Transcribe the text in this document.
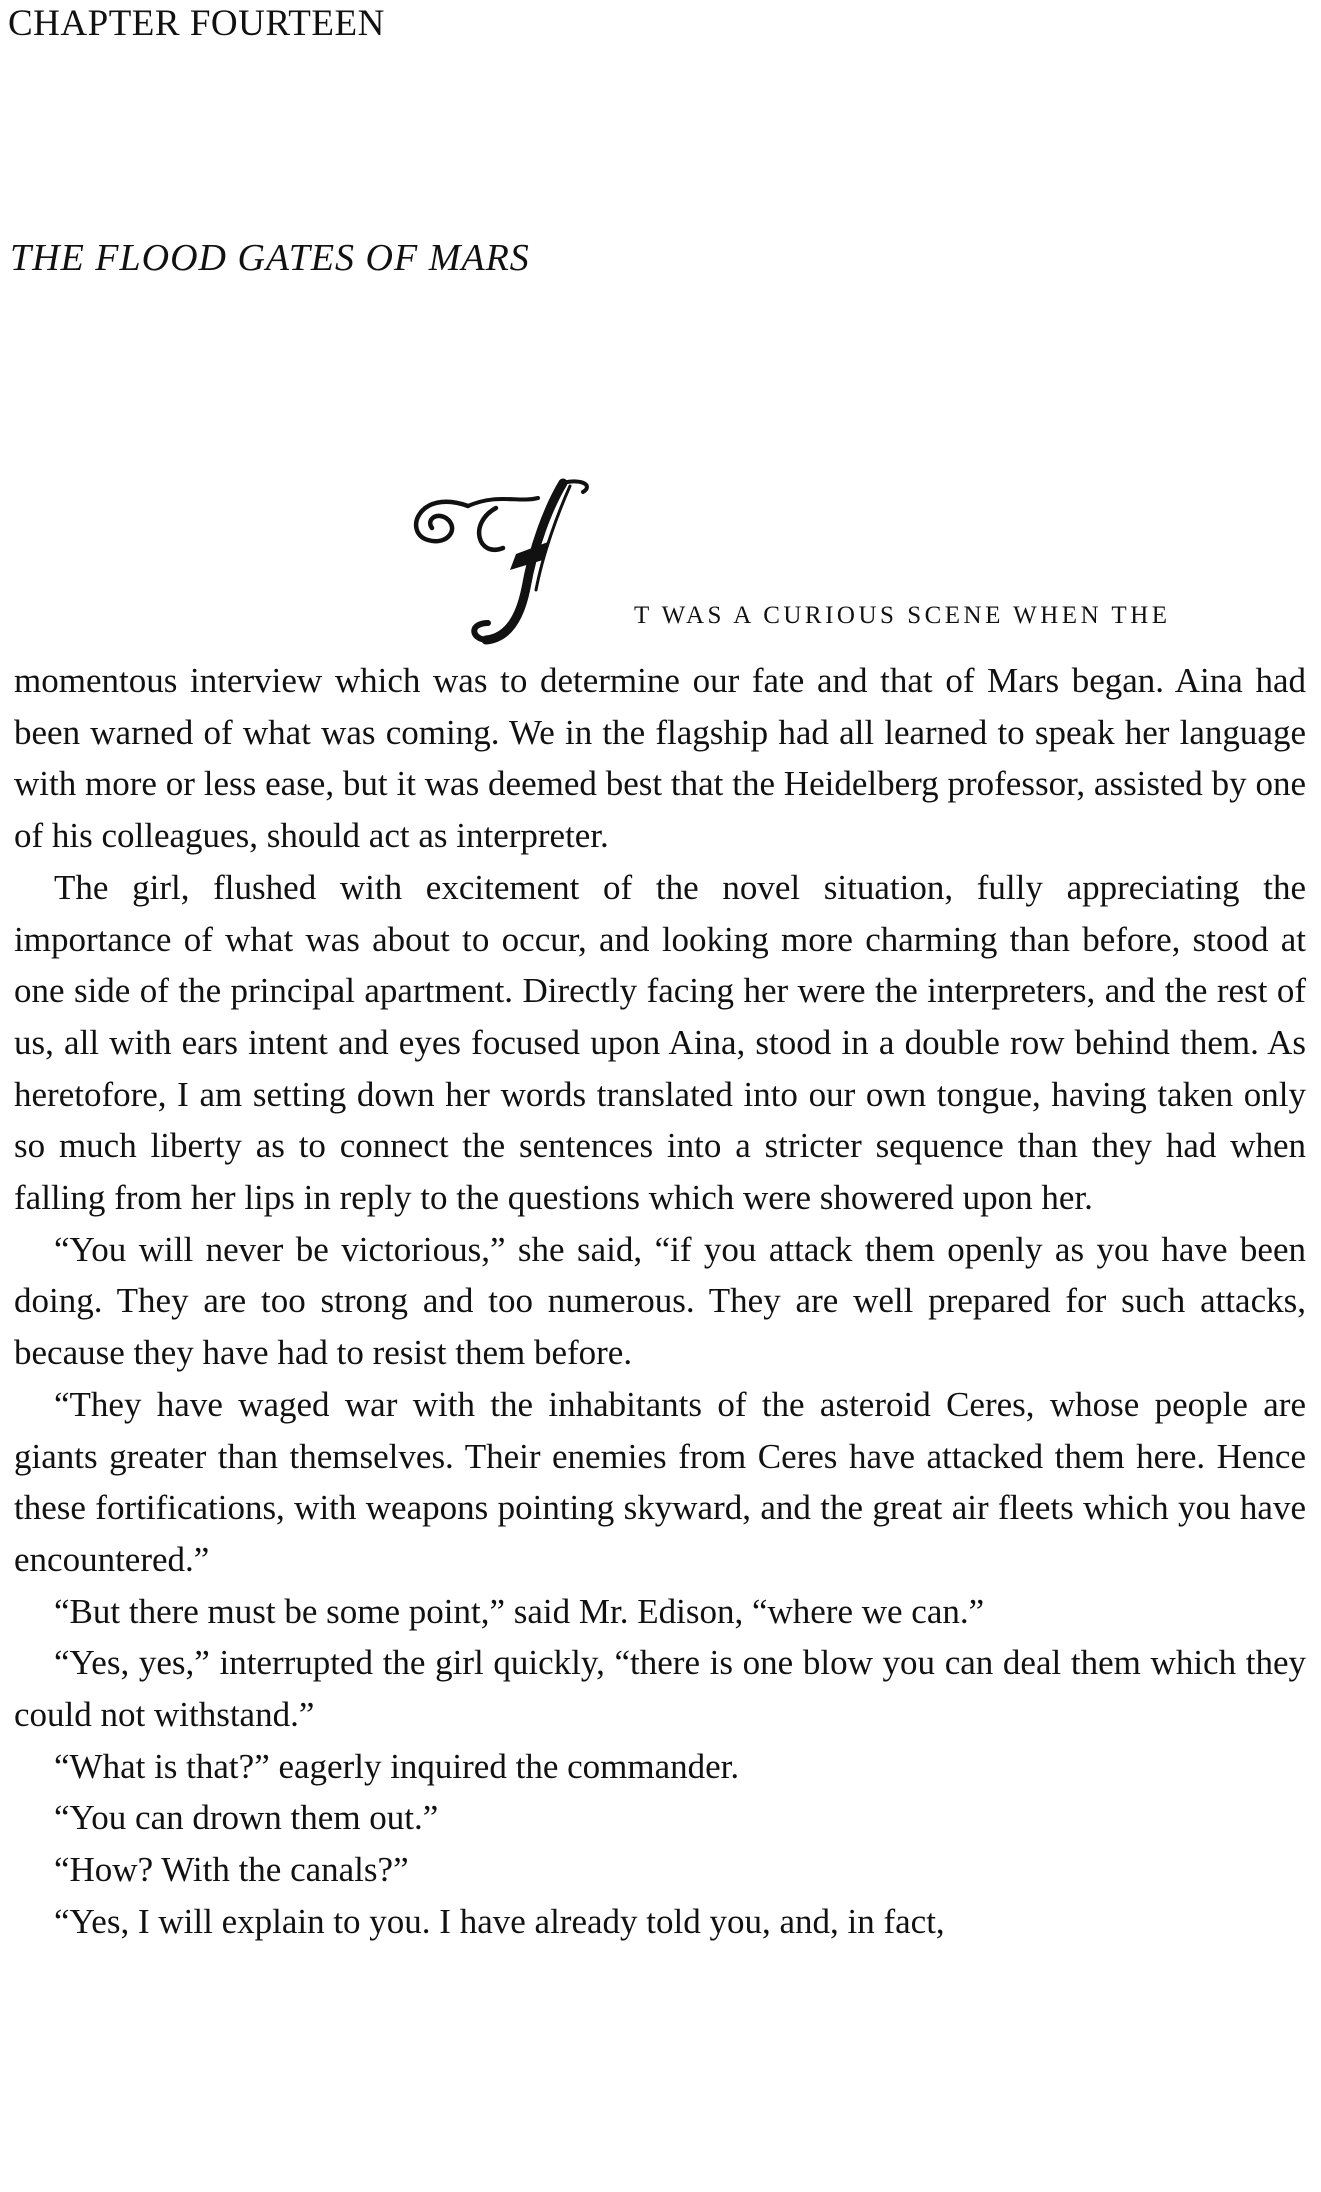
CHAPTER FOURTEEN
THE FLOOD GATES OF MARS
T WAS A CURIOUS SCENE WHEN THE

momentous interview which was to determine our fate and that of Mars began. Aina had been warned of what was coming. We in the flagship had all learned to speak her language with more or less ease, but it was deemed best that the Heidelberg professor, assisted by one of his colleagues, should act as interpreter.

The girl, flushed with excitement of the novel situation, fully appreciating the importance of what was about to occur, and looking more charming than before, stood at one side of the principal apartment. Directly facing her were the interpreters, and the rest of us, all with ears intent and eyes focused upon Aina, stood in a double row behind them. As heretofore, I am setting down her words translated into our own tongue, having taken only so much liberty as to connect the sentences into a stricter sequence than they had when falling from her lips in reply to the questions which were showered upon her.

“You will never be victorious,” she said, “if you attack them openly as you have been doing. They are too strong and too numerous. They are well prepared for such attacks, because they have had to resist them before.

“They have waged war with the inhabitants of the asteroid Ceres, whose people are giants greater than themselves. Their enemies from Ceres have attacked them here. Hence these fortifications, with weapons pointing skyward, and the great air fleets which you have encountered.”

“But there must be some point,” said Mr. Edison, “where we can.”

“Yes, yes,” interrupted the girl quickly, “there is one blow you can deal them which they could not withstand.”

“What is that?” eagerly inquired the commander.

“You can drown them out.”

“How? With the canals?”

“Yes, I will explain to you. I have already told you, and, in fact,
